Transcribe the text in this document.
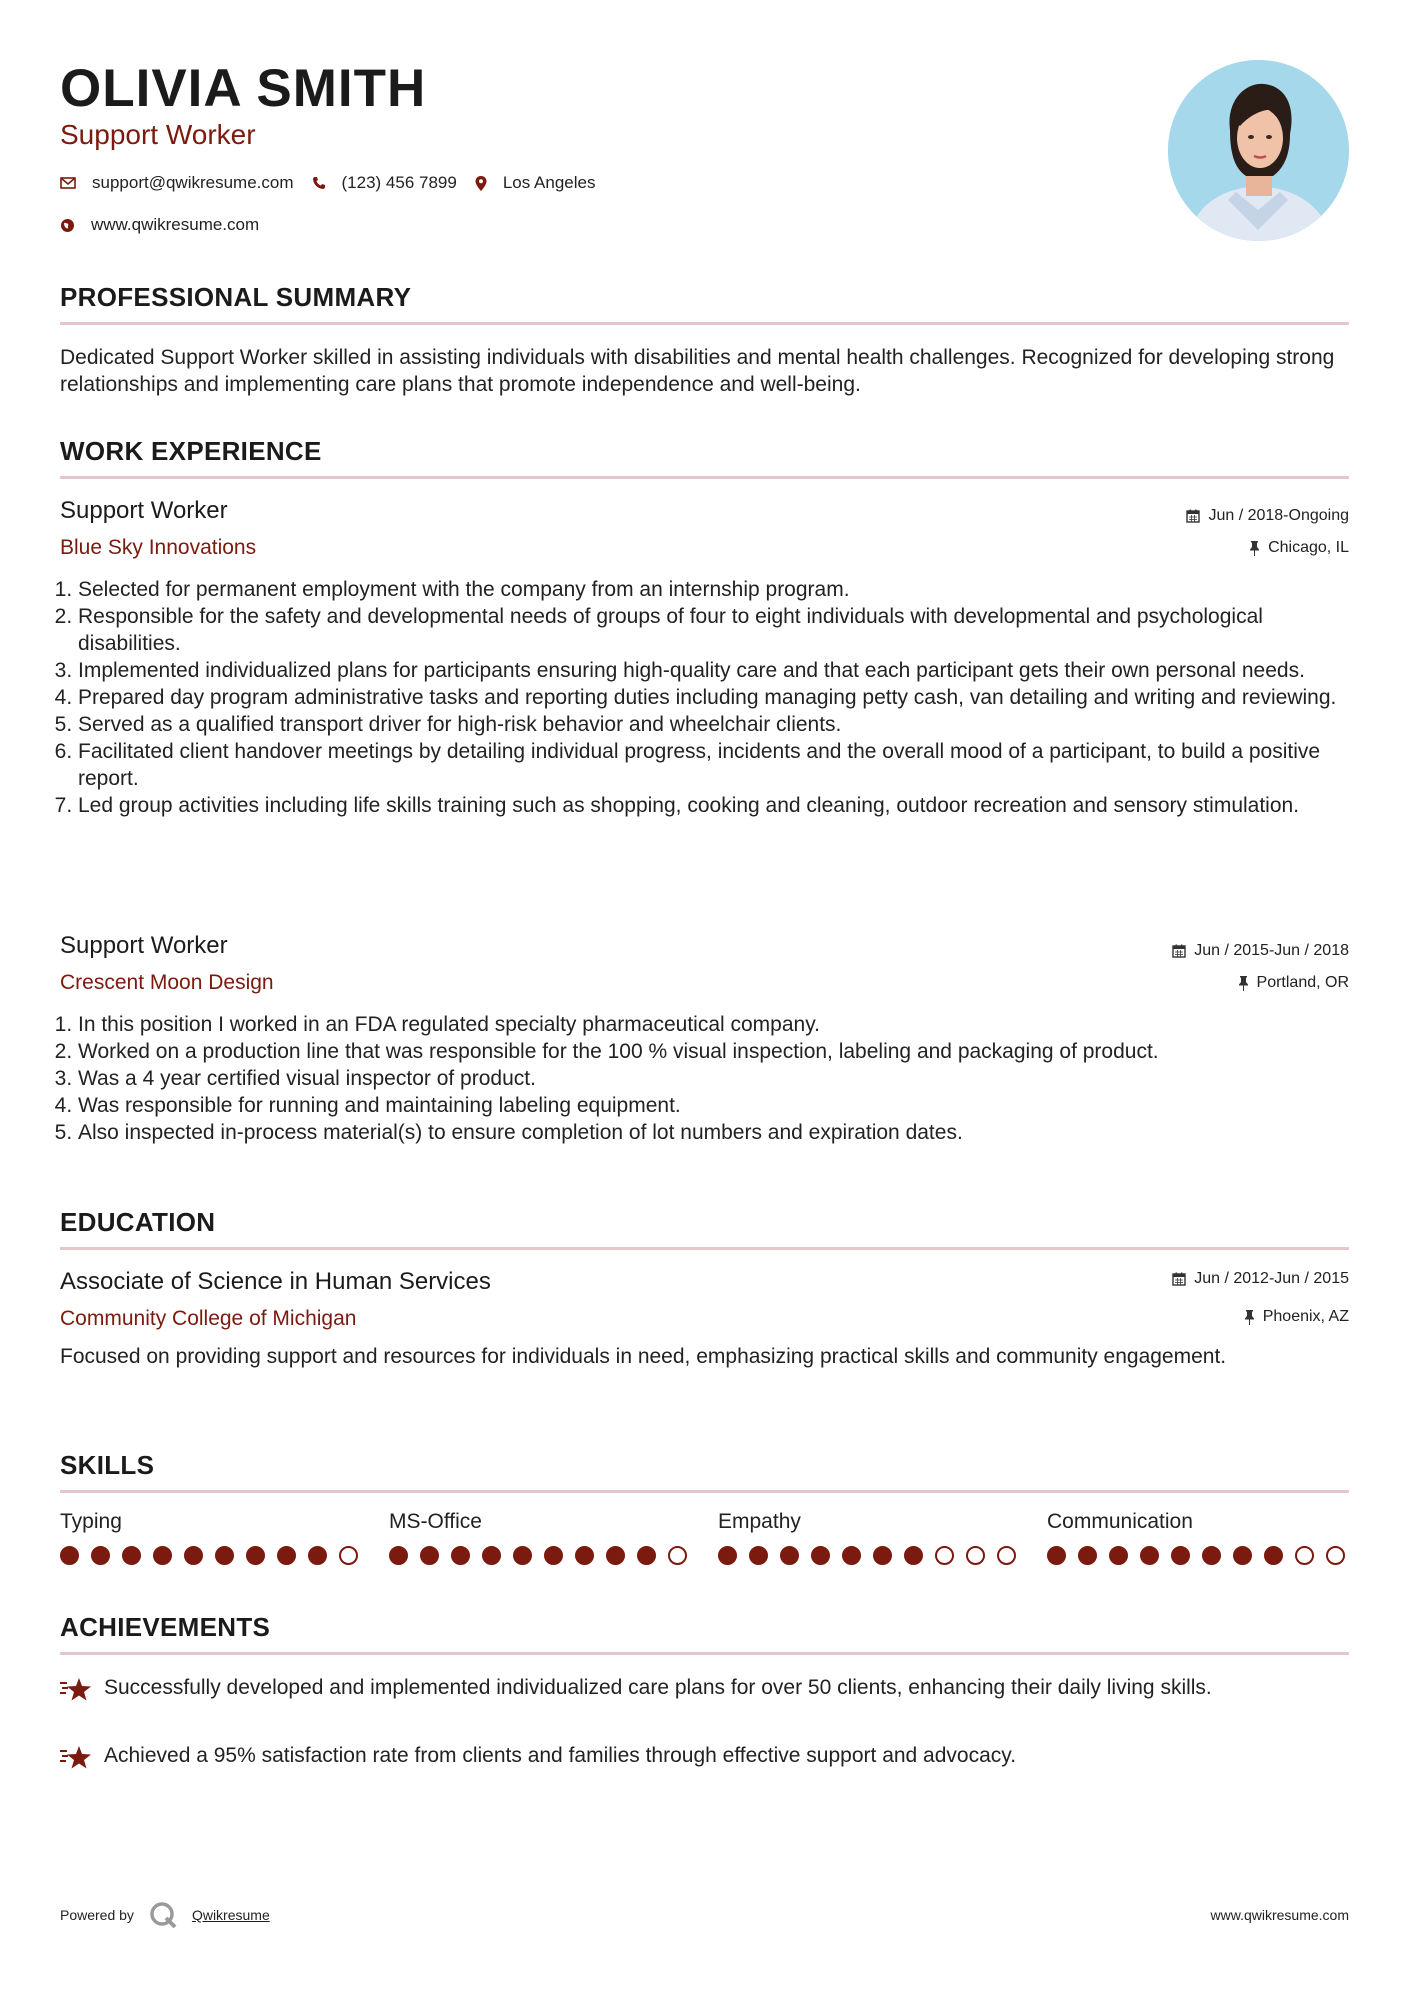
OLIVIA SMITH
Support Worker
support@qwikresume.com	(123) 456 7899	Los Angeles
www.qwikresume.com
PROFESSIONAL SUMMARY
Dedicated Support Worker skilled in assisting individuals with disabilities and mental health challenges. Recognized for developing strong relationships and implementing care plans that promote independence and well-being.
WORK EXPERIENCE
Support Worker
Blue Sky Innovations
Jun / 2018-Ongoing
Chicago, IL
1. Selected for permanent employment with the company from an internship program.
2. Responsible for the safety and developmental needs of groups of four to eight individuals with developmental and psychological disabilities.
3. Implemented individualized plans for participants ensuring high-quality care and that each participant gets their own personal needs.
4. Prepared day program administrative tasks and reporting duties including managing petty cash, van detailing and writing and reviewing.
5. Served as a qualified transport driver for high-risk behavior and wheelchair clients.
6. Facilitated client handover meetings by detailing individual progress, incidents and the overall mood of a participant, to build a positive report.
7. Led group activities including life skills training such as shopping, cooking and cleaning, outdoor recreation and sensory stimulation.
Support Worker
Crescent Moon Design
Jun / 2015-Jun / 2018
Portland, OR
1. In this position I worked in an FDA regulated specialty pharmaceutical company.
2. Worked on a production line that was responsible for the 100 % visual inspection, labeling and packaging of product.
3. Was a 4 year certified visual inspector of product.
4. Was responsible for running and maintaining labeling equipment.
5. Also inspected in-process material(s) to ensure completion of lot numbers and expiration dates.
EDUCATION
Associate of Science in Human Services
Community College of Michigan
Jun / 2012-Jun / 2015
Phoenix, AZ
Focused on providing support and resources for individuals in need, emphasizing practical skills and community engagement.
SKILLS
Typing	MS-Office	Empathy	Communication
ACHIEVEMENTS
Successfully developed and implemented individualized care plans for over 50 clients, enhancing their daily living skills.
Achieved a 95% satisfaction rate from clients and families through effective support and advocacy.
Powered by	Qwikresume	www.qwikresume.com
